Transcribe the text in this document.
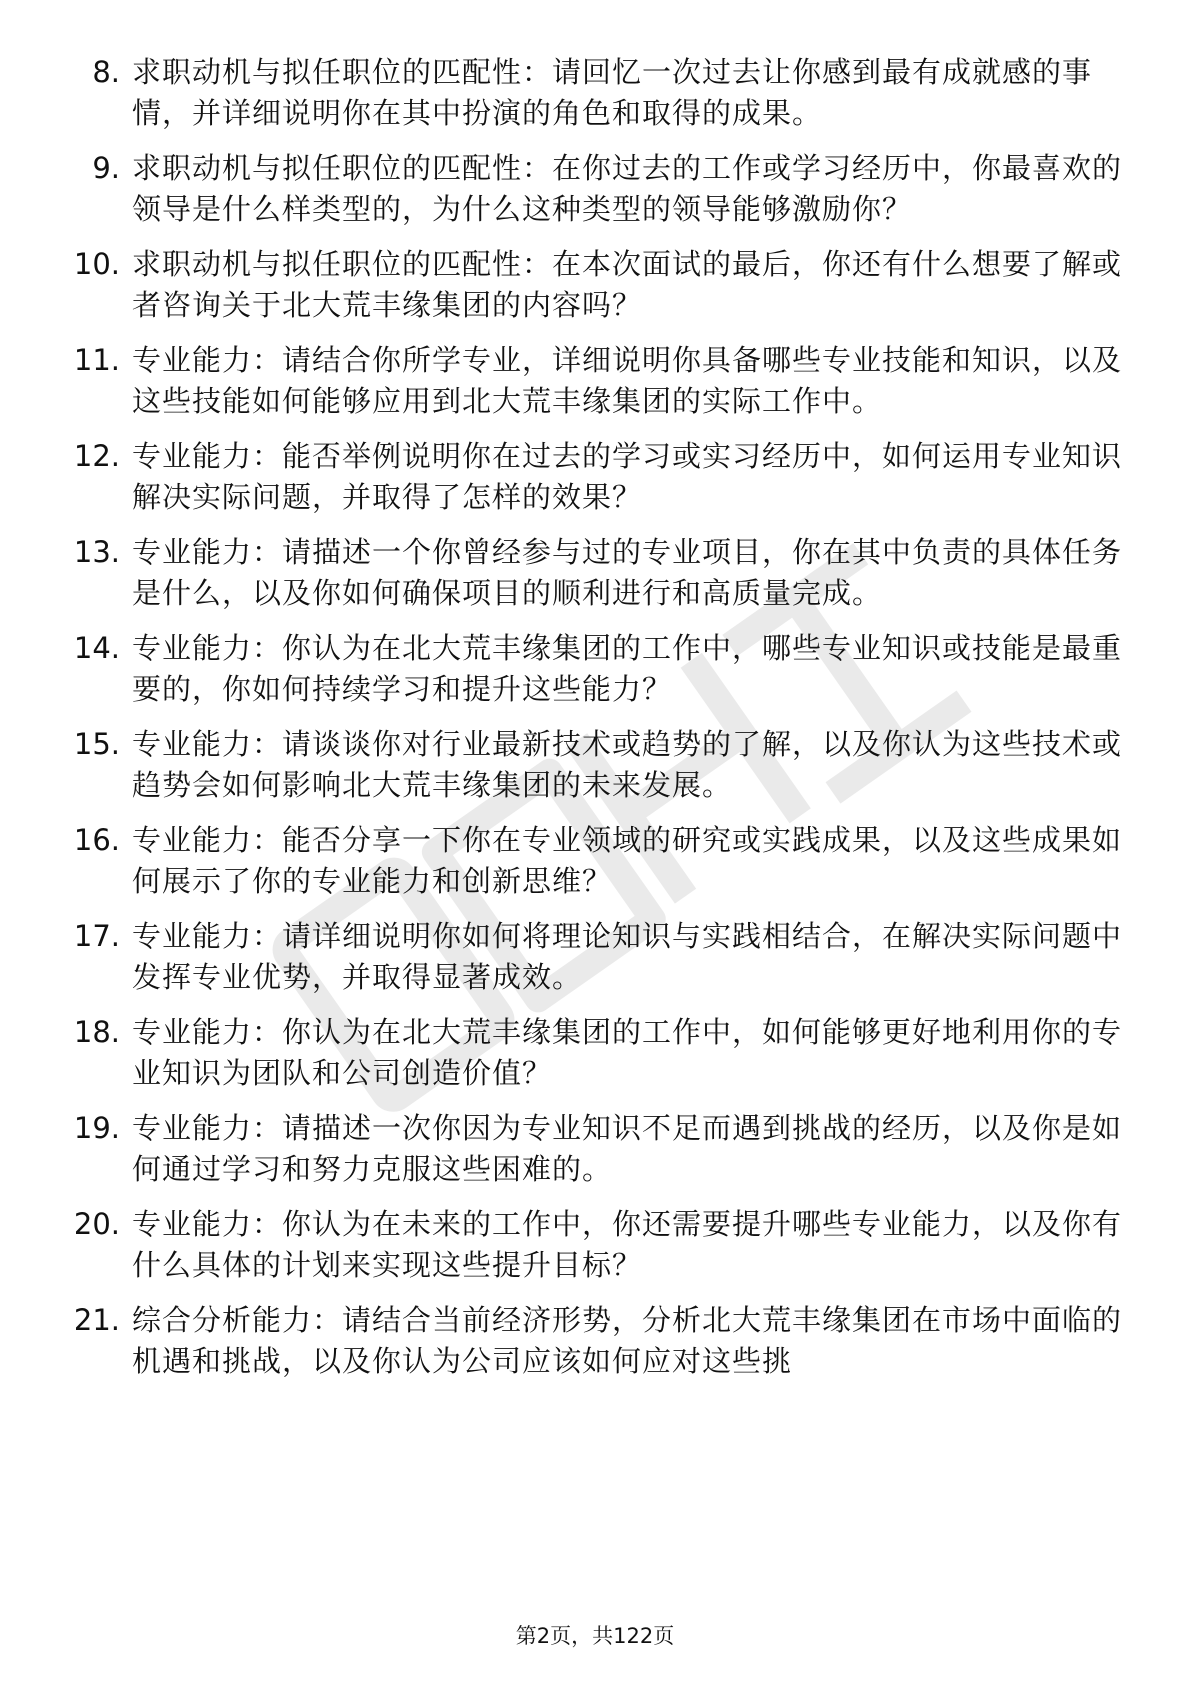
8. 求职动机与拟任职位的匹配性：请回忆一次过去让你感到最有成就感的事情，并详细说明你在其中扮演的角色和取得的成果。
9. 求职动机与拟任职位的匹配性：在你过去的工作或学习经历中，你最喜欢的领导是什么样类型的，为什么这种类型的领导能够激励你？
10. 求职动机与拟任职位的匹配性：在本次面试的最后，你还有什么想要了解或者咨询关于北大荒丰缘集团的内容吗？
11. 专业能力：请结合你所学专业，详细说明你具备哪些专业技能和知识，以及这些技能如何能够应用到北大荒丰缘集团的实际工作中。
12. 专业能力：能否举例说明你在过去的学习或实习经历中，如何运用专业知识解决实际问题，并取得了怎样的效果？
13. 专业能力：请描述一个你曾经参与过的专业项目，你在其中负责的具体任务是什么，以及你如何确保项目的顺利进行和高质量完成。
14. 专业能力：你认为在北大荒丰缘集团的工作中，哪些专业知识或技能是最重要的，你如何持续学习和提升这些能力？
15. 专业能力：请谈谈你对行业最新技术或趋势的了解，以及你认为这些技术或趋势会如何影响北大荒丰缘集团的未来发展。
16. 专业能力：能否分享一下你在专业领域的研究或实践成果，以及这些成果如何展示了你的专业能力和创新思维？
17. 专业能力：请详细说明你如何将理论知识与实践相结合，在解决实际问题中发挥专业优势，并取得显著成效。
18. 专业能力：你认为在北大荒丰缘集团的工作中，如何能够更好地利用你的专业知识为团队和公司创造价值？
19. 专业能力：请描述一次你因为专业知识不足而遇到挑战的经历，以及你是如何通过学习和努力克服这些困难的。
20. 专业能力：你认为在未来的工作中，你还需要提升哪些专业能力，以及你有什么具体的计划来实现这些提升目标？
21. 综合分析能力：请结合当前经济形势，分析北大荒丰缘集团在市场中面临的机遇和挑战，以及你认为公司应该如何应对这些挑
第2页，共122页
